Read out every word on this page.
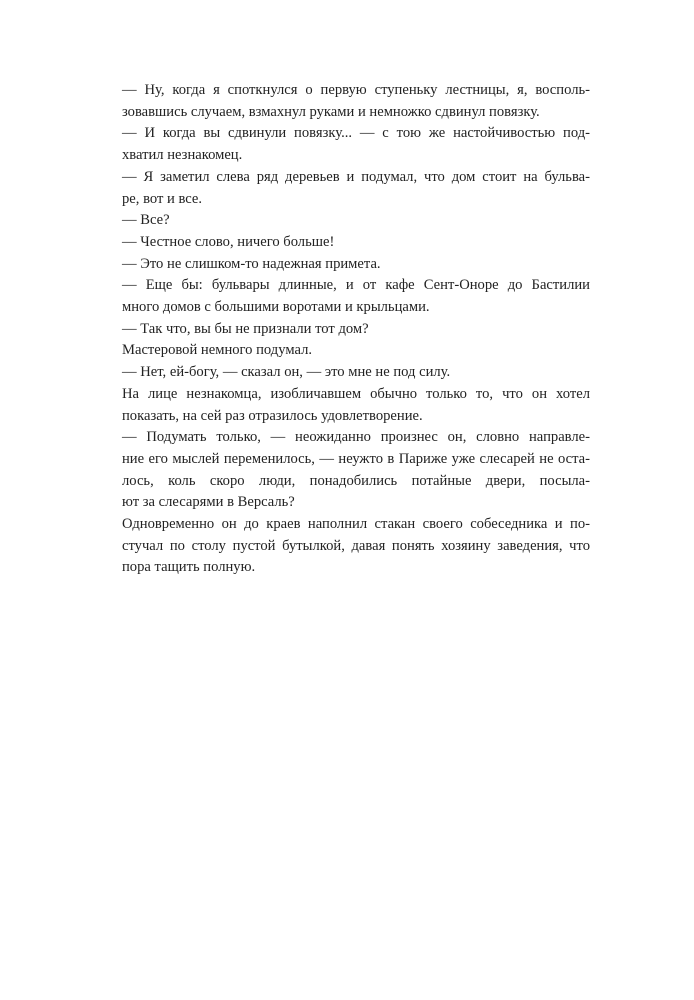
— Ну, когда я споткнулся о первую ступеньку лестницы, я, восполь-
зовавшись случаем, взмахнул руками и немножко сдвинул повязку.

— И когда вы сдвинули повязку... — с тою же настойчивостью под-
хватил незнакомец.

— Я заметил слева ряд деревьев и подумал, что дом стоит на бульва-
ре, вот и все.

— Все?

— Честное слово, ничего больше!

— Это не слишком-то надежная примета.

— Еще бы: бульвары длинные, и от кафе Сент-Оноре до Бастилии
много домов с большими воротами и крыльцами.

— Так что, вы бы не признали тот дом?

Мастеровой немного подумал.

— Нет, ей-богу, — сказал он, — это мне не под силу.

На лице незнакомца, изобличавшем обычно только то, что он хотел
показать, на сей раз отразилось удовлетворение.

— Подумать только, — неожиданно произнес он, словно направле-
ние его мыслей переменилось, — неужто в Париже уже слесарей не оста-
лось, коль скоро люди, понадобились потайные двери, посыла-
ют за слесарями в Версаль?

Одновременно он до краев наполнил стакан своего собеседника и по-
стучал по столу пустой бутылкой, давая понять хозяину заведения, что
пора тащить полную.
